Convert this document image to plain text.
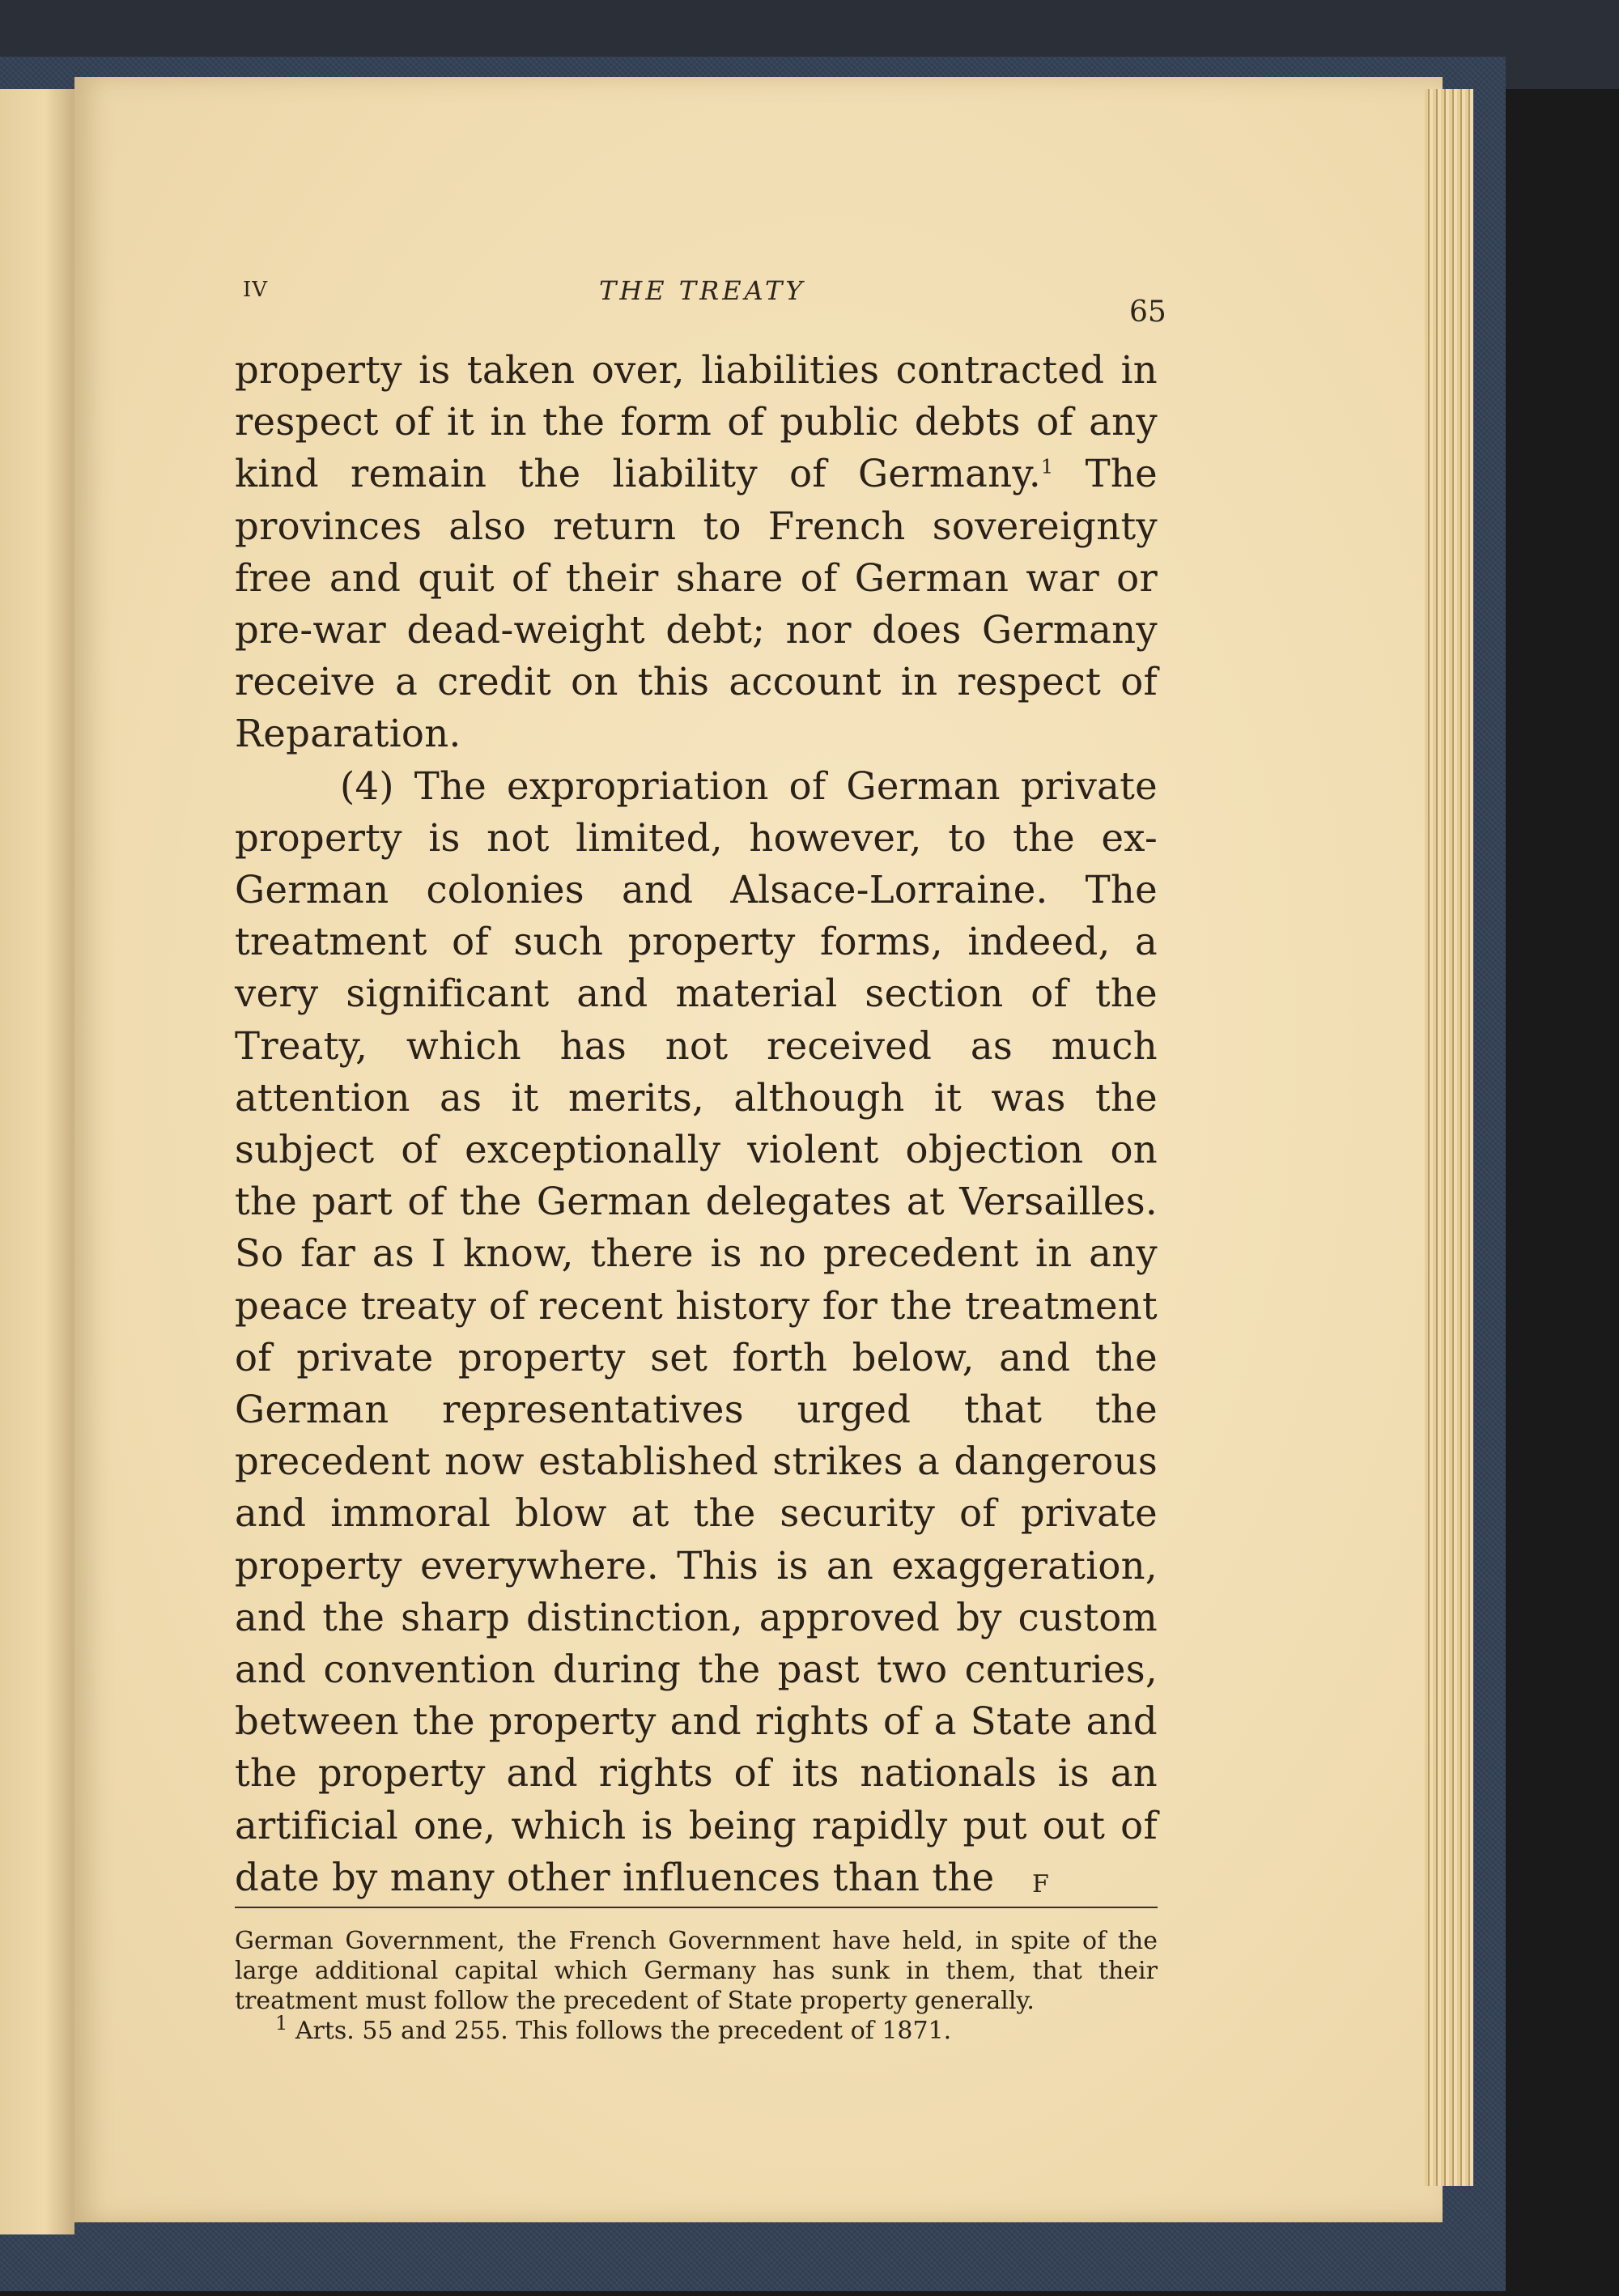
IV	THE TREATY
65

property is taken over, liabilities contracted in respect of it in the form of public debts of any kind remain the liability of Germany.$^1$ The provinces also return to French sovereignty free and quit of their share of German war or pre-war dead-weight debt; nor does Germany receive a credit on this account in respect of Reparation.

(4) The expropriation of German private property is not limited, however, to the ex-German colonies and Alsace-Lorraine. The treatment of such property forms, indeed, a very significant and material section of the Treaty, which has not received as much attention as it merits, although it was the subject of exceptionally violent objection on the part of the German delegates at Versailles. So far as I know, there is no precedent in any peace treaty of recent history for the treatment of private property set forth below, and the German representatives urged that the precedent now established strikes a dangerous and immoral blow at the security of private property everywhere. This is an exaggeration, and the sharp distinction, approved by custom and convention during the past two centuries, between the property and rights of a State and the property and rights of its nationals is an artificial one, which is being rapidly put out of date by many other influences than the

German Government, the French Government have held, in spite of the large additional capital which Germany has sunk in them, that their treatment must follow the precedent of State property generally.
$^1$ Arts. 55 and 255. This follows the precedent of 1871.
F
